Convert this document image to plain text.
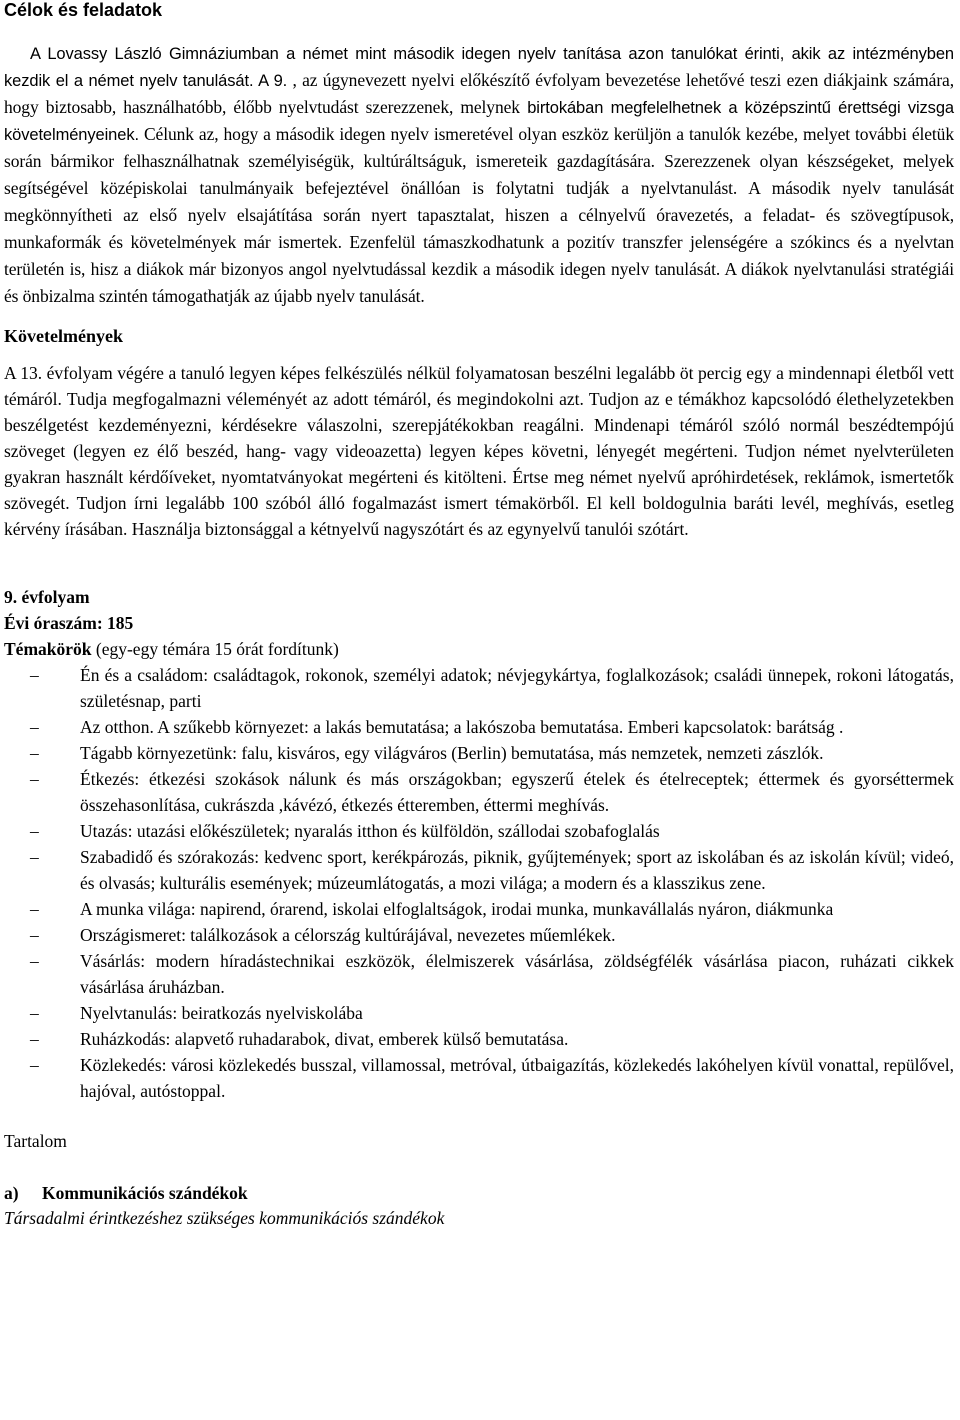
Célok és feladatok

A Lovassy László Gimnáziumban a német mint második idegen nyelv tanítása azon tanulókat érinti, akik az intézményben kezdik el a német nyelv tanulását. A 9. , az úgynevezett nyelvi előkészítő évfolyam bevezetése lehetővé teszi ezen diákjaink számára, hogy biztosabb, használhatóbb, élőbb nyelvtudást szerezzenek, melynek birtokában megfelelhetnek a középszintű érettségi vizsga követelményeinek. Célunk az, hogy a második idegen nyelv ismeretével olyan eszköz kerüljön a tanulók kezébe, melyet további életük során bármikor felhasználhatnak személyiségük, kultúráltságuk, ismereteik gazdagítására. Szerezzenek olyan készségeket, melyek segítségével középiskolai tanulmányaik befejeztével önállóan is folytatni tudják a nyelvtanulást. A második nyelv tanulását megkönnyítheti az első nyelv elsajátítása során nyert tapasztalat, hiszen a célnyelvű óravezetés, a feladat- és szövegtípusok, munkaformák és követelmények már ismertek. Ezenfelül támaszkodhatunk a pozitív transzfer jelenségére a szókincs és a nyelvtan területén is, hisz a diákok már bizonyos angol nyelvtudással kezdik a második idegen nyelv tanulását. A diákok nyelvtanulási stratégiái és önbizalma szintén támogathatják az újabb nyelv tanulását.

Követelmények

A 13. évfolyam végére a tanuló legyen képes felkészülés nélkül folyamatosan beszélni legalább öt percig egy a mindennapi életből vett témáról. Tudja megfogalmazni véleményét az adott témáról, és megindokolni azt. Tudjon az e témákhoz kapcsolódó élethelyzetekben beszélgetést kezdeményezni, kérdésekre válaszolni, szerepjátékokban reagálni. Mindenapi témáról szóló normál beszédtempójú szöveget (legyen ez élő beszéd, hang- vagy videoazetta) legyen képes követni, lényegét megérteni. Tudjon német nyelvterületen gyakran használt kérdőíveket, nyomtatványokat megérteni és kitölteni. Értse meg német nyelvű apróhirdetések, reklámok, ismertetők szövegét. Tudjon írni legalább 100 szóból álló fogalmazást ismert témakörből. El kell boldogulnia baráti levél, meghívás, esetleg kérvény írásában. Használja biztonsággal a kétnyelvű nagyszótárt és az egynyelvű tanulói szótárt.

9. évfolyam
Évi óraszám: 185
Témakörök (egy-egy témára 15 órát fordítunk)
– Én és a családom: családtagok, rokonok, személyi adatok; névjegykártya, foglalkozások; családi ünnepek, rokoni látogatás, születésnap, parti
– Az otthon. A szűkebb környezet: a lakás bemutatása; a lakószoba bemutatása. Emberi kapcsolatok: barátság .
– Tágabb környezetünk: falu, kisváros, egy világváros (Berlin) bemutatása, más nemzetek, nemzeti zászlók.
– Étkezés: étkezési szokások nálunk és más országokban; egyszerű ételek és ételreceptek; éttermek és gyorséttermek összehasonlítása, cukrászda ,kávézó, étkezés étteremben, éttermi meghívás.
– Utazás: utazási előkészületek; nyaralás itthon és külföldön, szállodai szobafoglalás
– Szabadidő és szórakozás: kedvenc sport, kerékpározás, piknik, gyűjtemények; sport az iskolában és az iskolán kívül; videó, és olvasás; kulturális események; múzeumlátogatás, a mozi világa; a modern és a klasszikus zene.
– A munka világa: napirend, órarend, iskolai elfoglaltságok, irodai munka, munkavállalás nyáron, diákmunka
– Országismeret: találkozások a célország kultúrájával, nevezetes műemlékek.
– Vásárlás: modern híradástechnikai eszközök, élelmiszerek vásárlása, zöldségfélék vásárlása piacon, ruházati cikkek vásárlása áruházban.
– Nyelvtanulás: beiratkozás nyelviskolába
– Ruházkodás: alapvető ruhadarabok, divat, emberek külső bemutatása.
– Közlekedés: városi közlekedés busszal, villamossal, metróval, útbaigazítás, közlekedés lakóhelyen kívül vonattal, repülővel, hajóval, autóstoppal.
Tartalom
a) Kommunikációs szándékok

Társadalmi érintkezéshez szükséges kommunikációs szándékok
